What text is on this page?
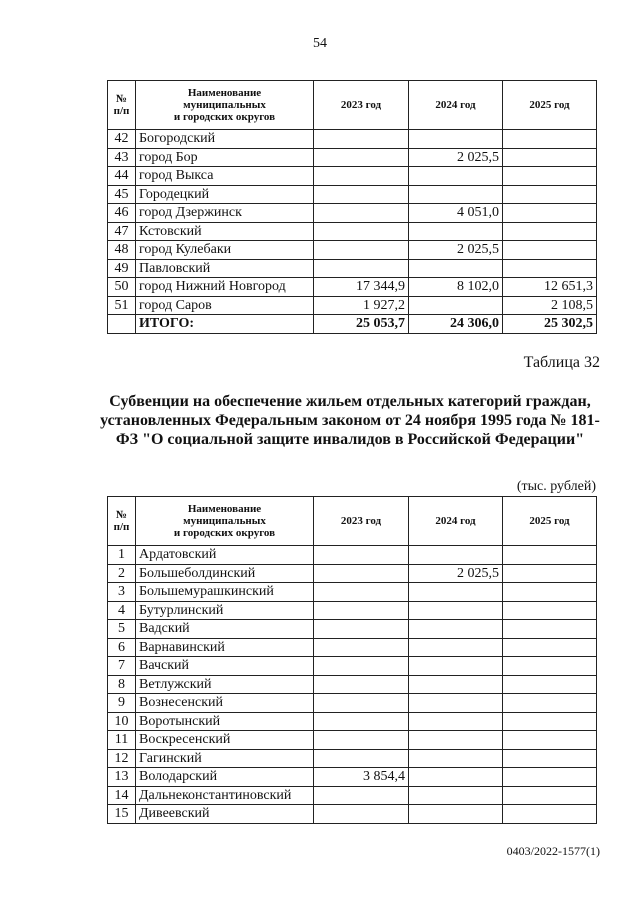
54
№
п/п	Наименование
муниципальных
и городских округов	2023 год	2024 год	2025 год
42	Богородский			
43	город Бор		2 025,5	
44	город Выкса			
45	Городецкий			
46	город Дзержинск		4 051,0	
47	Кстовский			
48	город Кулебаки		2 025,5	
49	Павловский			
50	город Нижний Новгород	17 344,9	8 102,0	12 651,3
51	город Саров	1 927,2		2 108,5
	ИТОГО:	25 053,7	24 306,0	25 302,5
Таблица 32
Субвенции на обеспечение жильем отдельных категорий граждан, установленных Федеральным законом от 24 ноября 1995 года № 181-ФЗ "О социальной защите инвалидов в Российской Федерации"
(тыс. рублей)
№
п/п	Наименование
муниципальных
и городских округов	2023 год	2024 год	2025 год
1	Ардатовский			
2	Большеболдинский		2 025,5	
3	Большемурашкинский			
4	Бутурлинский			
5	Вадский			
6	Варнавинский			
7	Вачский			
8	Ветлужский			
9	Вознесенский			
10	Воротынский			
11	Воскресенский			
12	Гагинский			
13	Володарский	3 854,4		
14	Дальнеконстантиновский			
15	Дивеевский			
0403/2022-1577(1)
